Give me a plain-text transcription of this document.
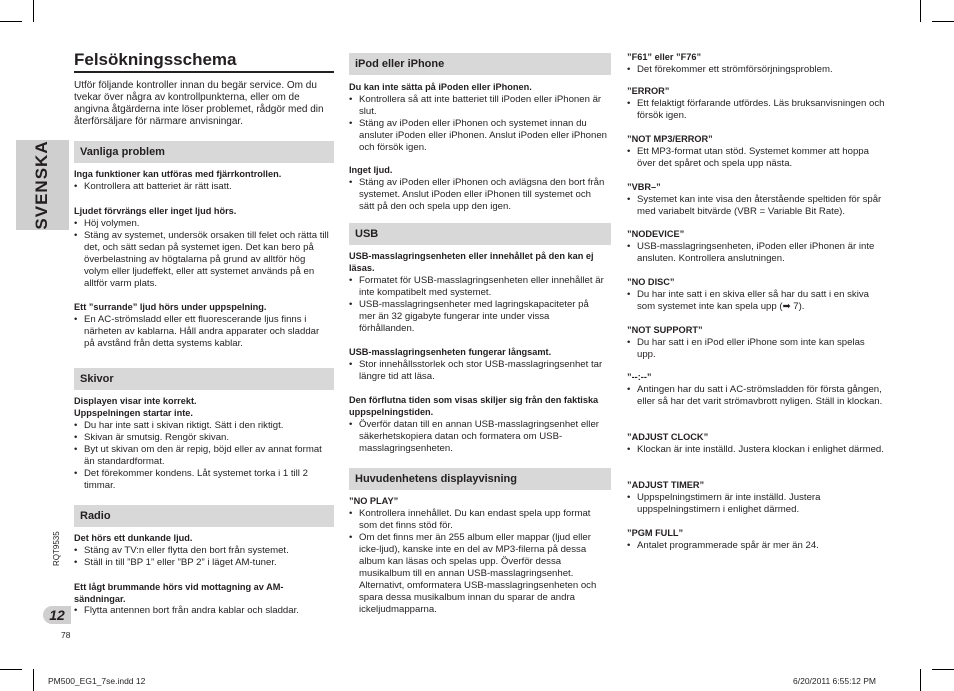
SVENSKA
Felsökningsschema
Utför följande kontroller innan du begär service. Om du tvekar över några av kontrollpunkterna, eller om de angivna åtgärderna inte löser problemet, rådgör med din återförsäljare för närmare anvisningar.
Vanliga problem
Inga funktioner kan utföras med fjärrkontrollen.
• Kontrollera att batteriet är rätt isatt.
Ljudet förvrängs eller inget ljud hörs.
• Höj volymen.
• Stäng av systemet, undersök orsaken till felet och rätta till det, och sätt sedan på systemet igen. Det kan bero på överbelastning av högtalarna på grund av alltför hög volym eller ljudeffekt, eller att systemet används på en alltför varm plats.
Ett ”surrande” ljud hörs under uppspelning.
• En AC-strömsladd eller ett fluorescerande ljus finns i närheten av kablarna. Håll andra apparater och sladdar på avstånd från detta systems kablar.
Skivor
Displayen visar inte korrekt.
Uppspelningen startar inte.
• Du har inte satt i skivan riktigt. Sätt i den riktigt.
• Skivan är smutsig. Rengör skivan.
• Byt ut skivan om den är repig, böjd eller av annat format än standardformat.
• Det förekommer kondens. Låt systemet torka i 1 till 2 timmar.
Radio
Det hörs ett dunkande ljud.
• Stäng av TV:n eller flytta den bort från systemet.
• Ställ in till ”BP 1” eller ”BP 2” i läget AM-tuner.
Ett lågt brummande hörs vid mottagning av AM-sändningar.
• Flytta antennen bort från andra kablar och sladdar.
iPod eller iPhone
Du kan inte sätta på iPoden eller iPhonen.
• Kontrollera så att inte batteriet till iPoden eller iPhonen är slut.
• Stäng av iPoden eller iPhonen och systemet innan du ansluter iPoden eller iPhonen. Anslut iPoden eller iPhonen och försök igen.
Inget ljud.
• Stäng av iPoden eller iPhonen och avlägsna den bort från systemet. Anslut iPoden eller iPhonen till systemet och sätt på den och spela upp den igen.
USB
USB-masslagringsenheten eller innehållet på den kan ej läsas.
• Formatet för USB-masslagringsenheten eller innehållet är inte kompatibelt med systemet.
• USB-masslagringsenheter med lagringskapaciteter på mer än 32 gigabyte fungerar inte under vissa förhållanden.
USB-masslagringsenheten fungerar långsamt.
• Stor innehållsstorlek och stor USB-masslagringsenhet tar längre tid att läsa.
Den förflutna tiden som visas skiljer sig från den faktiska uppspelningstiden.
• Överför datan till en annan USB-masslagringsenhet eller säkerhetskopiera datan och formatera om USB-masslagringsenheten.
Huvudenhetens displayvisning
”NO PLAY”
• Kontrollera innehållet. Du kan endast spela upp format som det finns stöd för.
• Om det finns mer än 255 album eller mappar (ljud eller icke-ljud), kanske inte en del av MP3-filerna på dessa album kan läsas och spelas upp. Överför dessa musikalbum till en annan USB-masslagringsenhet. Alternativt, omformatera USB-masslagringsenheten och spara dessa musikalbum innan du sparar de andra ickeljudmapparna.
”F61” eller ”F76”
• Det förekommer ett strömförsörjningsproblem.
”ERROR”
• Ett felaktigt förfarande utfördes. Läs bruksanvisningen och försök igen.
”NOT MP3/ERROR”
• Ett MP3-format utan stöd. Systemet kommer att hoppa över det spåret och spela upp nästa.
”VBR–”
• Systemet kan inte visa den återstående speltiden för spår med variabelt bitvärde (VBR = Variable Bit Rate).
”NODEVICE”
• USB-masslagringsenheten, iPoden eller iPhonen är inte ansluten. Kontrollera anslutningen.
”NO DISC”
• Du har inte satt i en skiva eller så har du satt i en skiva som systemet inte kan spela upp (➡ 7).
”NOT SUPPORT”
• Du har satt i en iPod eller iPhone som inte kan spelas upp.
”--:--”
• Antingen har du satt i AC-strömsladden för första gången, eller så har det varit strömavbrott nyligen. Ställ in klockan.
”ADJUST CLOCK”
• Klockan är inte inställd. Justera klockan i enlighet därmed.
”ADJUST TIMER”
• Uppspelningstimern är inte inställd. Justera uppspelningstimern i enlighet därmed.
”PGM FULL”
• Antalet programmerade spår är mer än 24.
RQT9535
12
78
PM500_EG1_7se.indd 12	6/20/2011 6:55:12 PM
